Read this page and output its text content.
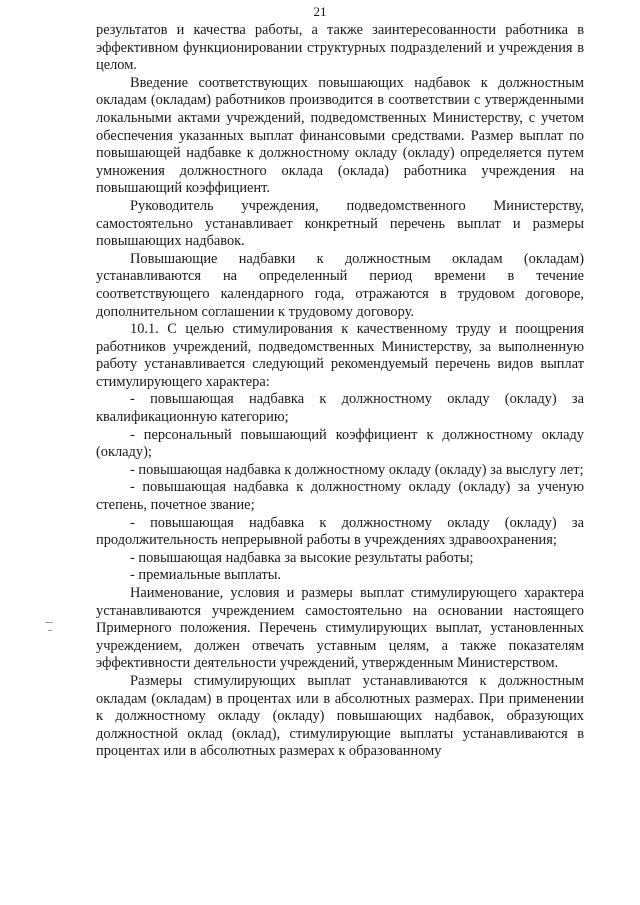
21

результатов и качества работы, а также заинтересованности работника в эффективном функционировании структурных подразделений и учреждения в целом.

Введение соответствующих повышающих надбавок к должностным окладам (окладам) работников производится в соответствии с утвержденными локальными актами учреждений, подведомственных Министерству, с учетом обеспечения указанных выплат финансовыми средствами. Размер выплат по повышающей надбавке к должностному окладу (окладу) определяется путем умножения должностного оклада (оклада) работника учреждения на повышающий коэффициент.

Руководитель учреждения, подведомственного Министерству, самостоятельно устанавливает конкретный перечень выплат и размеры повышающих надбавок.

Повышающие надбавки к должностным окладам (окладам) устанавливаются на определенный период времени в течение соответствующего календарного года, отражаются в трудовом договоре, дополнительном соглашении к трудовому договору.

10.1. С целью стимулирования к качественному труду и поощрения работников учреждений, подведомственных Министерству, за выполненную работу устанавливается следующий рекомендуемый перечень видов выплат стимулирующего характера:

- повышающая надбавка к должностному окладу (окладу) за квалификационную категорию;

- персональный повышающий коэффициент к должностному окладу (окладу);

- повышающая надбавка к должностному окладу (окладу) за выслугу лет;

- повышающая надбавка к должностному окладу (окладу) за ученую степень, почетное звание;

- повышающая надбавка к должностному окладу (окладу) за продолжительность непрерывной работы в учреждениях здравоохранения;

- повышающая надбавка за высокие результаты работы;

- премиальные выплаты.

Наименование, условия и размеры выплат стимулирующего характера устанавливаются учреждением самостоятельно на основании настоящего Примерного положения. Перечень стимулирующих выплат, установленных учреждением, должен отвечать уставным целям, а также показателям эффективности деятельности учреждений, утвержденным Министерством.

Размеры стимулирующих выплат устанавливаются к должностным окладам (окладам) в процентах или в абсолютных размерах. При применении к должностному окладу (окладу) повышающих надбавок, образующих должностной оклад (оклад), стимулирующие выплаты устанавливаются в процентах или в абсолютных размерах к образованному
